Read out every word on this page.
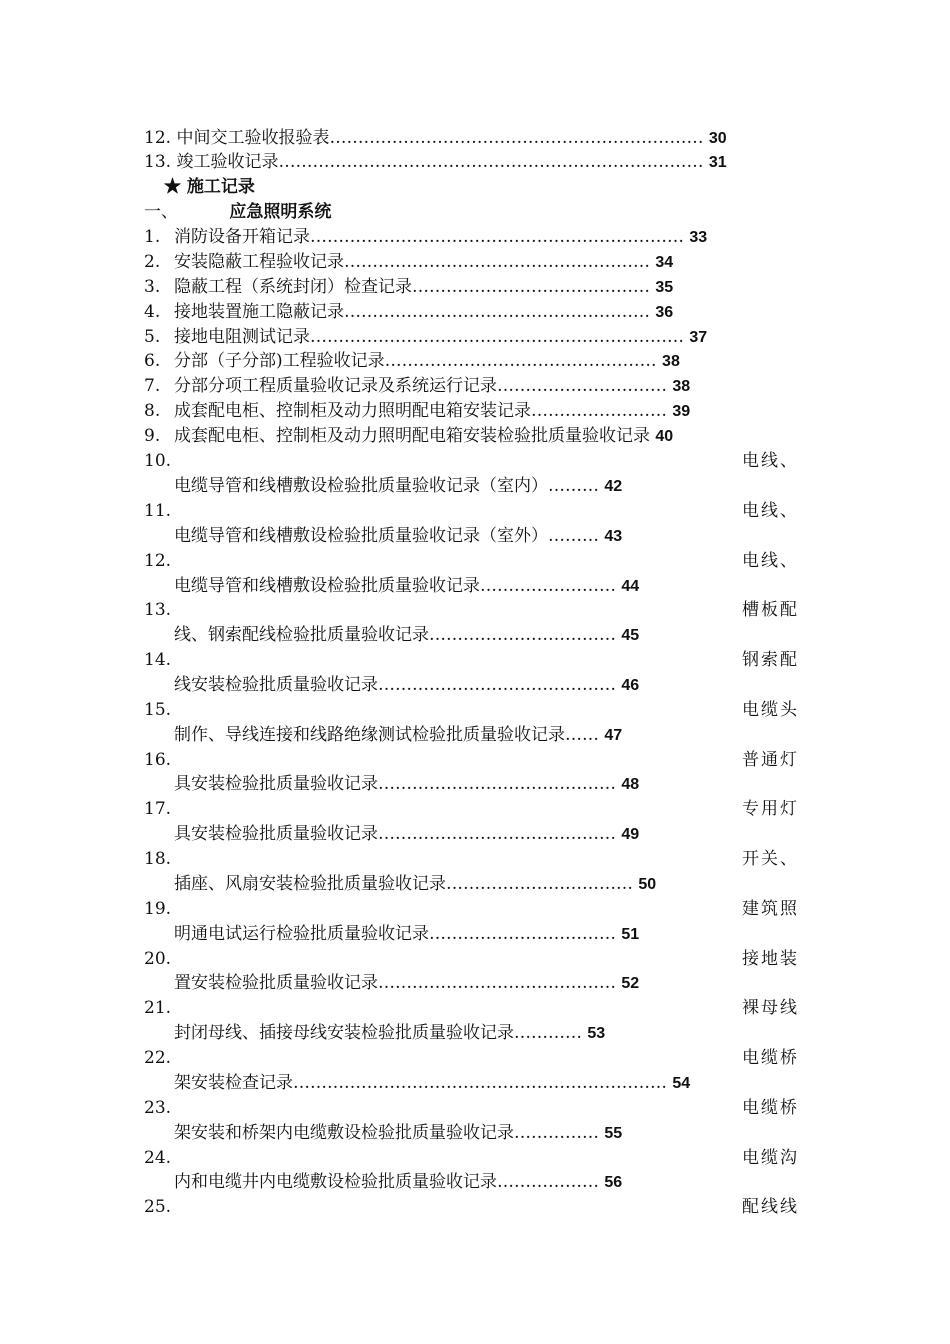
12. 中间交工验收报验表………………………………………………………… 30
13. 竣工验收记录………………………………………………………………… 31
★ 施工记录
一、	应急照明系统
1. 消防设备开箱记录………………………………………………………… 33
2. 安装隐蔽工程验收记录……………………………………………… 34
3. 隐蔽工程（系统封闭）检查记录…………………………………… 35
4. 接地装置施工隐蔽记录……………………………………………… 36
5. 接地电阻测试记录………………………………………………………… 37
6. 分部（子分部)工程验收记录………………………………………… 38
7. 分部分项工程质量验收记录及系统运行记录………………………… 38
8. 成套配电柜、控制柜及动力照明配电箱安装记录…………………… 39
9. 成套配电柜、控制柜及动力照明配电箱安装检验批质量验收记录 40
10.	电线、
电缆导管和线槽敷设检验批质量验收记录（室内）……… 42
11.	电线、
电缆导管和线槽敷设检验批质量验收记录（室外）……… 43
12.	电线、
电缆导管和线槽敷设检验批质量验收记录…………………… 44
13.	槽板配
线、钢索配线检验批质量验收记录…………………………… 45
14.	钢索配
线安装检验批质量验收记录…………………………………… 46
15.	电缆头
制作、导线连接和线路绝缘测试检验批质量验收记录…… 47
16.	普通灯
具安装检验批质量验收记录…………………………………… 48
17.	专用灯
具安装检验批质量验收记录…………………………………… 49
18.	开关、
插座、风扇安装检验批质量验收记录…………………………… 50
19.	建筑照
明通电试运行检验批质量验收记录…………………………… 51
20.	接地装
置安装检验批质量验收记录…………………………………… 52
21.	裸母线
封闭母线、插接母线安装检验批质量验收记录………… 53
22.	电缆桥
架安装检查记录………………………………………………………… 54
23.	电缆桥
架安装和桥架内电缆敷设检验批质量验收记录…………… 55
24.	电缆沟
内和电缆井内电缆敷设检验批质量验收记录……………… 56
25.	配线线
